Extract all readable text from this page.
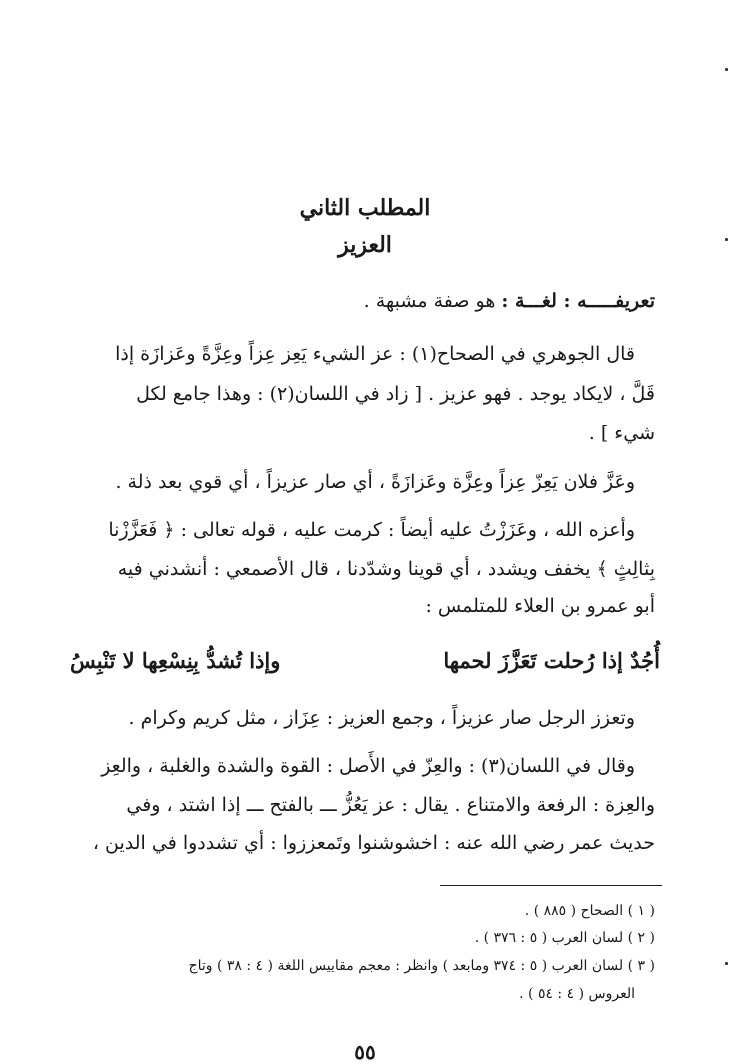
المطلب الثاني
العزيز
تعريفـــــه : لغـــة : هو صفة مشبهة .
قال الجوهري في الصحاح(١) : عز الشيء يَعِز عِزاً وعِزَّةً وعَزازَة إذا
قَلَّ ، لايكاد يوجد . فهو عزيز . [ زاد في اللسان(٢) : وهذا جامع لكل
شيء ] .
وعَزَّ فلان يَعِزّ عِزاً وعِزَّة وعَزازَةً ، أي صار عزيزاً ، أي قوي بعد ذلة .
وأعزه الله ، وعَزَزْتُ عليه أيضاً : كرمت عليه ، قوله تعالى : ﴿ فَعَزَّزْنا
بِثالِثٍ ﴾ يخفف ويشدد ، أي قوينا وشدّدنا ، قال الأصمعي : أنشدني فيه
أبو عمرو بن العلاء للمتلمس :
أُجُدٌ إذا رُحلت تَعَزَّزَ لحمها
وإذا تُشدُّ بِنِسْعِها لا تَنْبِسُ
وتعزز الرجل صار عزيزاً ، وجمع العزيز : عِزَاز ، مثل كريم وكرام .
وقال في اللسان(٣) : والعِزّ في الأَصل : القوة والشدة والغلبة ، والعِز
والعِزة : الرفعة والامتناع . يقال : عز يَعُزُّ ـــ بالفتح ـــ إذا اشتد ، وفي
حديث عمر رضي الله عنه : اخشوشنوا وتَمعززوا : أي تشددوا في الدين ،
( ١ ) الصحاح ( ٨٨٥ ) .
( ٢ ) لسان العرب ( ٥ : ٣٧٦ ) .
( ٣ ) لسان العرب ( ٥ : ٣٧٤ ومابعد ) وانظر : معجم مقاييس اللغة ( ٤ : ٣٨ ) وتاج
العروس ( ٤ : ٥٤ ) .
٥٥
